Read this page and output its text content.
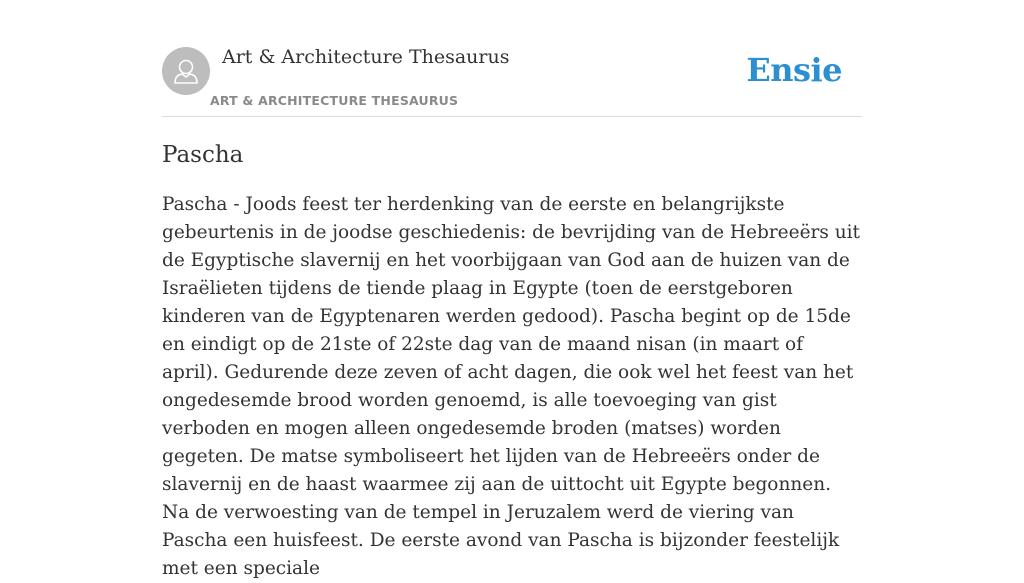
Art & Architecture Thesaurus
ART & ARCHITECTURE THESAURUS
Ensie
Pascha

Pascha - Joods feest ter herdenking van de eerste en belangrijkste gebeurtenis in de joodse geschiedenis: de bevrijding van de Hebreeërs uit de Egyptische slavernij en het voorbijgaan van God aan de huizen van de Israëlieten tijdens de tiende plaag in Egypte (toen de eerstgeboren kinderen van de Egyptenaren werden gedood). Pascha begint op de 15de en eindigt op de 21ste of 22ste dag van de maand nisan (in maart of april). Gedurende deze zeven of acht dagen, die ook wel het feest van het ongedesemde brood worden genoemd, is alle toevoeging van gist verboden en mogen alleen ongedesemde broden (matses) worden gegeten. De matse symboliseert het lijden van de Hebreeërs onder de slavernij en de haast waarmee zij aan de uittocht uit Egypte begonnen. Na de verwoesting van de tempel in Jeruzalem werd de viering van Pascha een huisfeest. De eerste avond van Pascha is bijzonder feestelijk met een speciale
